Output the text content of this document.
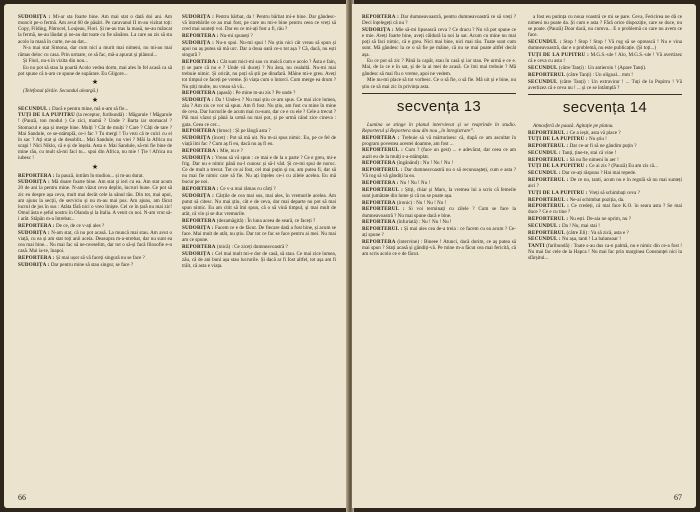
SUDORIȚA : Mi-ar sta foarte bine. Am mai stat o dată doi ani. Am muncit pe-o fermă. Am avut 60 de păsări. Pe caravanul II m-au vizitat toți: Copy, Filding, Pâtrocel, Loujeau, Flori. Și ne-au tras la masă, ne-au mâncat la fermă, ne-au lăudat și ne-au dat toate cu fie sănătos. La care au zis să sta acolo la masă în curte, ne-au dat...
N-a mai stat Simona, dar cum nici a murit mai nimeni, nu mi-au mai rămas deloc cu casa. Prin urmare, ce să fac, mă-a apucat și plânsul...
Și Flori, nu-s în vizita din nou...
Eu nu pot să stau la poartă Acolo vedea dorm, mai ales în fel acasă ca să pot spune că n-am ce spune de supărare. Eu Gligore...
★
(Telefonul țârâie. Secundul aleargă.)
★
SECUNDUL : Dacă e pentru mine, mă n-am să fie...
TUȚI DE LA PUPITRU (la receptor, furibundă) : Măgarule ! Măgarule ! (Pauză, ton modul ) Ce zici, mamă ? Unde ? Barta iar stomacal ? Stomacul e așa și merge bine. Mulți ? Cât de mulți ? Care ? Câți de tare ? Mai Sandule, ce se-ntâmplă, ce-i fac ? Tu mergi ! Tu vezi că te culci cu ei în sac ? Ați stat și de desoblit... Mai Sandule, nu vrei ? Măi la Africa nu scapi ! Nici Niklo, că e și de înșela. Asta e. Mai Sandule, să-mi fie bine de mine rău, cu mult să-mi faci tu... spui din Africa, nu mie ! Ție ! Africa nu iubesc !
★
REPORTERA : Ia pauză, intrăm în studiou... și m-au durat.
SUDORIȚA : Mă doare foarte bine. Am stat și ieri cu ea. Am stat acum 20 de ani la pentru mine. N-am văzut ceva deplin, lucruri bune. Ce pot să zic eu despre așa ceva, mult mai decât cele la sânul tău. Din tot, mai apoi, am ajuns la secții, de serviciu și nu m-au mai pus. Am ajuns, am făcut lucrul de jos în sus : Atâta fără nici o vreo liniște. Cel ce în țară nu mai zic! Omul ăsta e șeful nostru în Olanda și la Italia. A venit cu noi. N-am vrut să-i arăt. Stăpân m-a întrebat...
REPORTERA : De ce, de ce v-ați ales ?
SUDORIȚA : N-am stat, că nu pot acasă. La muncă mai stau. Am avut o viață, cu ea și am stat toți anii aceia. Deasupra m-a-ntrebat, dar nu sunt ea cea mai bine... Nu mai fac să ne-nveselim, dar tot o să-și facă filosofie e-n casă. Mai ia-te, înapoi.
REPORTERA : Și mai ușor să vă faceți singură nu se face ?
SUDORIȚA : Dar pentru mine să stau singur, se face ?
SUDORIȚA : Pentru bărbat, da ! Pentru bărbat mi-e bine. Dar gândesc-vă întrebările ce au mai fost, pe care nu mi-e bine pentru ceea ce vreți să cred mai sunteți voi. Dar eu ce mi-ați fost a fi, rău ?
REPORTERA : Nu-mi spuneți ?
SUDORIȚA : Nu-n spui. Nu-mi spui ! Nu știu nici cât vreau să spun și apoi nu aș putea să mă urc. Dar a doua oară ce-s tot așa ? Că, dacă, nu ești singură ?
REPORTERA : Cât sunt mici-mi sau cu maică cum e acolo ? Ăsta e fain, ți se pare că nu e ? Unde vă duceți ? Nu ăsta, nu cealaltă. Nu-mi mai trebuie nimic. Și oricât, nu poți să știi pe dinafară. Mâine mi-e greu. Aveți tot timpul ce faceți pe vreme. Și viața cum o întorci. Cum merge ea drum ? Nu știți multe, nu vreau să vă...
REPORTERA (apasă) : Pe mine m-au zis ? Pe unde ?
SUDORIȚA : Da ! Unde-s ? Nu mai știu ce am spus. Ce mai zice lumea, zău ? Am zis ce vor să spun. Am fi fost. Nu știu, am fost cu mine în mine de ceva. Dar lucrurile de acum mai cu-sunt, dar ce e cu ele ? Cele a trecut ? Păi mai văzut și până la urmă nu mai pot, și pe urmă când zice cineva : gata. Ceea ce cer...
REPORTERA (brusc) : Și pe lângă asta ?
SUDORIȚA (încet) : Pot să mă uit. Nu m-ai spus nimic. Eu, pe ce fel de viață îmi fac ? Cum aș fi eu, dacă nu aș fi eu.
REPORTERA : Mie, nu e ?
SUDORIȚA : Vreau să vă spun : ce mai e de la o parte ? Ce e greu, mi-e frig. Dar nu e nimic până nu-l cunosc și să-l văd. Și ce-mi spui de noroc. Ce de mult a trecut. Tot ce ai fost, cel mai puțin și nu, am putea fi, dar să nu mai fie nimic care să fie. Nu ați înțeles ce-i cu zilele acelea. Eu mă bucur pe noi.
REPORTERA : Ce v-a mai rămas cu cărți ?
SUDORIȚA : Cărțile de cea mai sus, mai ales, în vremurile acelea. Am putut să citesc. Nu mai știu, cât e de ceva, dar mai departe nu pot să mai spun nimic. Eu am citit să îmi spun, că o să vină timpul, și mai mult de atât, că vin și se duc vremurile.
REPORTERA (dezamăgită) : În luna aceea de seară, ce faceți ?
SUDORIȚA : Facem ce e de făcut. De fiecare dată a fost bine, și acum se face. Mai mult de atât, nu știu. Dar tot ce fac se face pentru ai mei. Nu mai am ce spune.
REPORTERA (mică) : Ce ziceți dumneavoastră ?
SUDORIȚA : Cel mai mult mi-e dor de casă, să stau. Ce mai zice lumea, zău, că de ani buni așa stau lucrurile. Și dacă ar fi fost altfel, tot așa am fi trăit, că asta e viața.
66
REPORTERA : Dar dumneavoastră, pentru dumneavoastră ce să vreți ? Deci înțelegeți că nu ?
SUDORIȚA : Mie să-mi lipsească ceva ? Ce dracu ? Nu vă pot spune ce e mie. Aveți foarte bine, aveți căldură la noi la sat. Acum cu mine nu mai poți să faci nimic, că e greu. Nici mai bine, nici mai rău. Toate sunt cum sunt. Mă gândesc la ce o să fie pe mâine, că nu se mai poate altfel decât așa.
Eu ce pot să zic ? Până la capăt, stau în casă și iar stau. Pe urmă e ce e. Mai, de la ce e în sat, și de la ai mei de acasă. Ce îmi mai trebuie ? Mă gândesc să mai fiu o vreme, apoi ne vedem.
Mie nu-mi place să tot vorbesc. Ce o să fie, o să fie. Mă uit și e bine, nu știu ce să mai zic în privința asta.
secvența 13
Lumina se stinge în planul intervievat și se reaprinde în studio. Reporterul și Reportera stau din nou „în înregistrare”.
REPORTERA : Trebuie să vă mărturisesc că, după ce am ascultat în program povestea acestei doamne, am fost ...
REPORTERUL : Cum ? (face un gest) ... e adevărat, dar ceea ce am auzit eu de la mulți s-a-ntâmplat.
REPORTERA (îngânând) : Nu ! Nu ! Nu !
REPORTERUL : Dar dumneavoastră nu o să recunoașteți, cum e asta ? Vă rog să vă gândiți la ea.
REPORTERA : Nu ! Nu ! Nu !
REPORTERUL : Știți, chiar și Marx, la vremea lui a scris că femeile sunt jumătate din lume și că nu se poate așa.
REPORTERA (ironic) : Nu ! Nu ! Nu !
REPORTERUL : Si voi terminați cu zilele ? Cum se face la dumneavoastră ? Nu mai spune dacă e bine.
REPORTERA (înfuriată) : Nu ! Nu ! Nu !
REPORTERUL : Și mai ales cea de-a treia : ce facem cu ea acum ? Ce-ați spune ?
REPORTERA (intervine) : Bineee ! Atunci, dacă dorim, ce aș putea să mai spun ? Stați acasă și gândiți-vă. Pe mine m-a făcut cea mai fericită, că am scris acolo ce e de făcut.
a fost eu putința cu noua voastră ce mi se pare. Ceva, Fericirea ne dă ce nimeni nu poate da. Și cum e asta ? Fără orice dispoziție, care se duce, nu se poate. (Pauză) Doar dacă, nu cumva... E o problemă cu care nu avem ce face.
SECUNDUL : Stop ! Stop ! Stop ! Vă rog să se oprească ! Nu e vina dumneavoastră, dar e o problemă, nu este publicație. (Și toți...)
TUȚI DE LA PUPITRU : M.G.S.-ule ! Alo, M.G.S.-ule ! Vă avertizez că e ceva cu asta !
SECUNDUL (către Tanți) : Un antieroin ! (Apare Tanți).
REPORTERUL (către Tanți) : Un oligoal... mm !
SECUNDUL (către Tanți) : Un extravirar ! ... Tuți de la Pupitru ! Vă avertizez că e ceva nu ! ... și ce se întâmplă ?
secvența 14
Atmosferă de pauză. Agitație pe platou.
REPORTERUL : Ce a ieșit, asta vă place ?
TUȚI DE LA PUPITRU : Nu știu !
REPORTERUL : Dar ce-ar fi să ne gândim puțin ?
SECUNDUL : Tanți, ține-te, stai că vine !
REPORTERUL : Să nu fie nimeni în aer !
TUȚI DE LA PUPITRU : Ce ai zis ? (Pauză) Eu am zis că...
SECUNDUL : Dar ce-ați răspuns ? Hai mai repede.
REPORTERUL : De ce nu, tanti, acum nu e în regulă să nu mai sunteți aici ?
TUȚI DE LA PUPITRU : Vreți să schimbați ceva ?
REPORTERUL : Ne-ai schimbat poziția, da.
REPORTERUL : Ce credeți, că mai face K.O. în seara asta ? Se mai duce ? Ce e cu tine ?
REPORTERUL : Nu ești. De-aia ne oprim, nu ?
SECUNDUL : Da ! Nu, mai stai !
REPORTERUL (către Eli) : Va să zică, asta e ?
SECUNDUL : Nu așa, tanti ! La balansoar !
TANTI (furibundă) : Toate s-au dus ca-n palmă, nu e nimic din ce-a fost ! Nu mai fac cele de la Hapca ! Nu mai fac prin marginea Constanței nici la sfârșitul...
67
